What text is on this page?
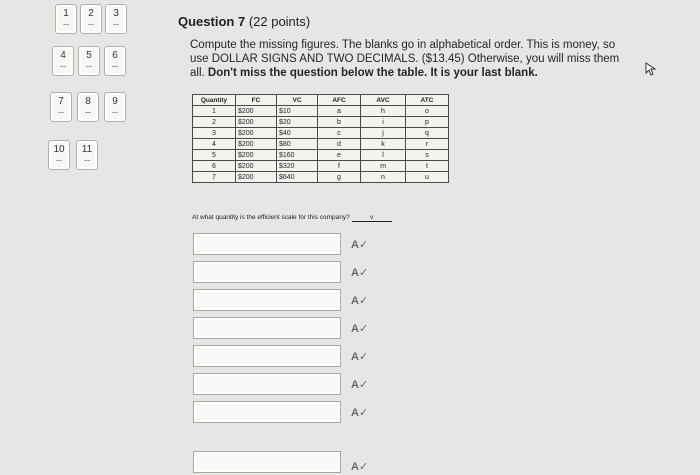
1
--
2
--
3
--
4
--
5
--
6
--
7
--
8
--
9
--
10
--
11
--
Question 7 (22 points)
Compute the missing figures. The blanks go in alphabetical order. This is money, so use DOLLAR SIGNS AND TWO DECIMALS. ($13.45) Otherwise, you will miss them all. Don't miss the question below the table. It is your last blank.
Quantity	FC	VC	AFC	AVC	ATC
1	$200	$10	a	h	o
2	$200	$20	b	i	p
3	$200	$40	c	j	q
4	$200	$80	d	k	r
5	$200	$160	e	l	s
6	$200	$320	f	m	t
7	$200	$640	g	n	u
At what quantity is the efficient scale for this company?	v
A✓
A✓
A✓
A✓
A✓
A✓
A✓
A✓
